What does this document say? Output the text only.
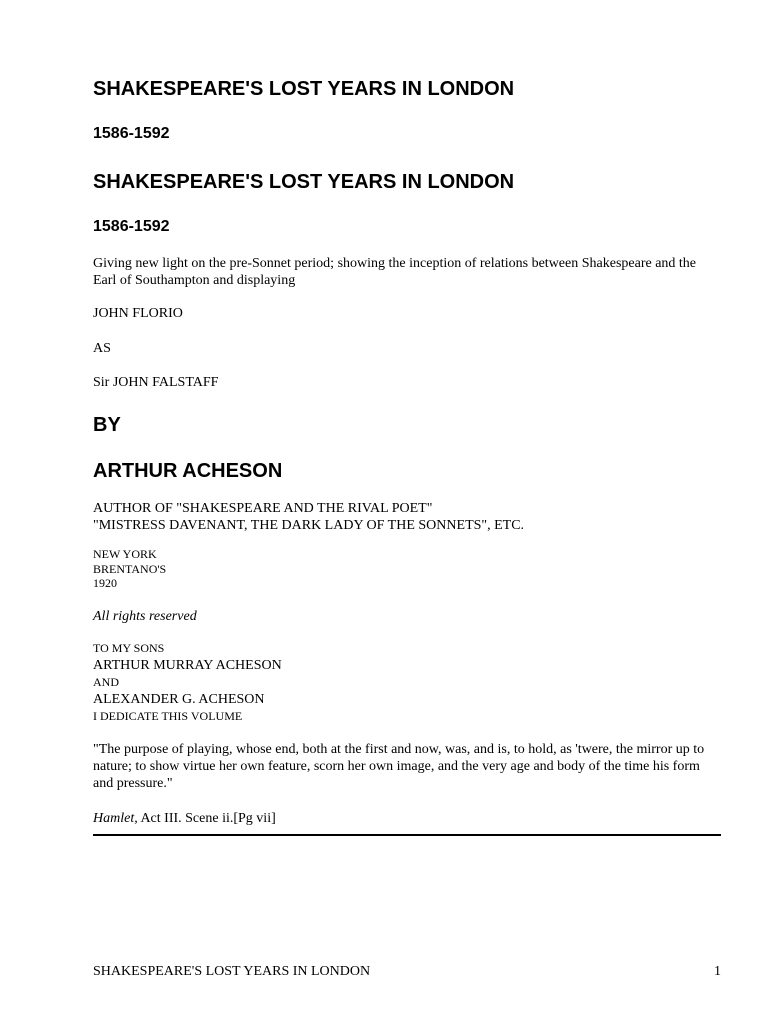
SHAKESPEARE'S LOST YEARS IN LONDON
1586-1592
SHAKESPEARE'S LOST YEARS IN LONDON
1586-1592

Giving new light on the pre-Sonnet period; showing the inception of relations between Shakespeare and the Earl of Southampton and displaying

JOHN FLORIO

AS

Sir JOHN FALSTAFF

BY
ARTHUR ACHESON
AUTHOR OF "SHAKESPEARE AND THE RIVAL POET"
"MISTRESS DAVENANT, THE DARK LADY OF THE SONNETS", ETC.
NEW YORK
BRENTANO'S
1920

All rights reserved

TO MY SONS
ARTHUR MURRAY ACHESON
AND
ALEXANDER G. ACHESON
I DEDICATE THIS VOLUME

"The purpose of playing, whose end, both at the first and now, was, and is, to hold, as 'twere, the mirror up to nature; to show virtue her own feature, scorn her own image, and the very age and body of the time his form and pressure."

Hamlet, Act III. Scene ii.[Pg vii]

SHAKESPEARE'S LOST YEARS IN LONDON	1
